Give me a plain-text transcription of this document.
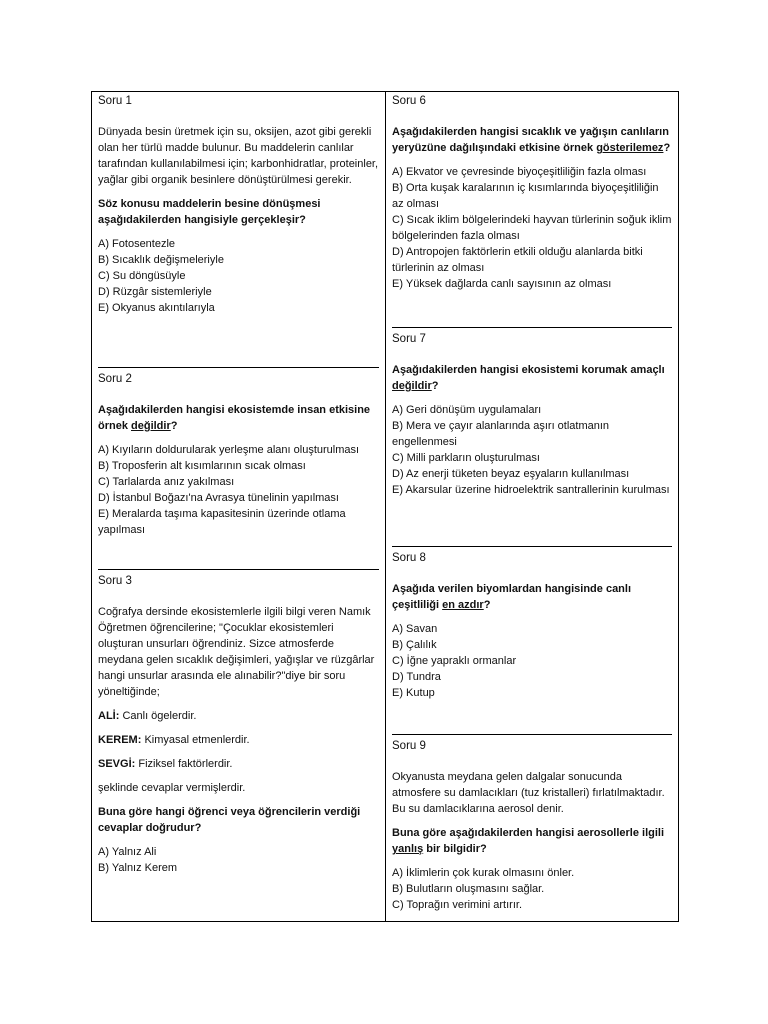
Soru 1

Dünyada besin üretmek için su, oksijen, azot gibi gerekli olan her türlü madde bulunur. Bu maddelerin canlılar tarafından kullanılabilmesi için; karbonhidratlar, proteinler, yağlar gibi organik besinlere dönüştürülmesi gerekir.

Söz konusu maddelerin besine dönüşmesi aşağıdakilerden hangisiyle gerçekleşir?

A) Fotosentezle
B) Sıcaklık değişmeleriyle
C) Su döngüsüyle
D) Rüzgâr sistemleriyle
E) Okyanus akıntılarıyla
Soru 2

Aşağıdakilerden hangisi ekosistemde insan etkisine örnek değildir?

A) Kıyıların doldurularak yerleşme alanı oluşturulması
B) Troposferin alt kısımlarının sıcak olması
C) Tarlalarda anız yakılması
D) İstanbul Boğazı'na Avrasya tünelinin yapılması
E) Meralarda taşıma kapasitesinin üzerinde otlama yapılması
Soru 3

Coğrafya dersinde ekosistemlerle ilgili bilgi veren Namık Öğretmen öğrencilerine; "Çocuklar ekosistemleri oluşturan unsurları öğrendiniz. Sizce atmosferde meydana gelen sıcaklık değişimleri, yağışlar ve rüzgârlar hangi unsurlar arasında ele alınabilir?"diye bir soru yöneltiğinde;

ALİ: Canlı ögelerdir.

KEREM: Kimyasal etmenlerdir.

SEVGİ: Fiziksel faktörlerdir.

şeklinde cevaplar vermişlerdir.

Buna göre hangi öğrenci veya öğrencilerin verdiği cevaplar doğrudur?

A) Yalnız Ali
B) Yalnız Kerem
Soru 6

Aşağıdakilerden hangisi sıcaklık ve yağışın canlıların yeryüzüne dağılışındaki etkisine örnek gösterilemez?

A) Ekvator ve çevresinde biyoçeşitliliğin fazla olması
B) Orta kuşak karalarının iç kısımlarında biyoçeşitliliğin az olması
C) Sıcak iklim bölgelerindeki hayvan türlerinin soğuk iklim bölgelerinden fazla olması
D) Antropojen faktörlerin etkili olduğu alanlarda bitki türlerinin az olması
E) Yüksek dağlarda canlı sayısının az olması
Soru 7

Aşağıdakilerden hangisi ekosistemi korumak amaçlı değildir?

A) Geri dönüşüm uygulamaları
B) Mera ve çayır alanlarında aşırı otlatmanın engellenmesi
C) Milli parkların oluşturulması
D) Az enerji tüketen beyaz eşyaların kullanılması
E) Akarsular üzerine hidroelektrik santrallerinin kurulması
Soru 8

Aşağıda verilen biyomlardan hangisinde canlı çeşitliliği en azdır?

A) Savan
B) Çalılık
C) İğne yapraklı ormanlar
D) Tundra
E) Kutup
Soru 9

Okyanusta meydana gelen dalgalar sonucunda atmosfere su damlacıkları (tuz kristalleri) fırlatılmaktadır. Bu su damlacıklarına aerosol denir.

Buna göre aşağıdakilerden hangisi aerosollerle ilgili yanlış bir bilgidir?

A) İklimlerin çok kurak olmasını önler.
B) Bulutların oluşmasını sağlar.
C) Toprağın verimini artırır.
